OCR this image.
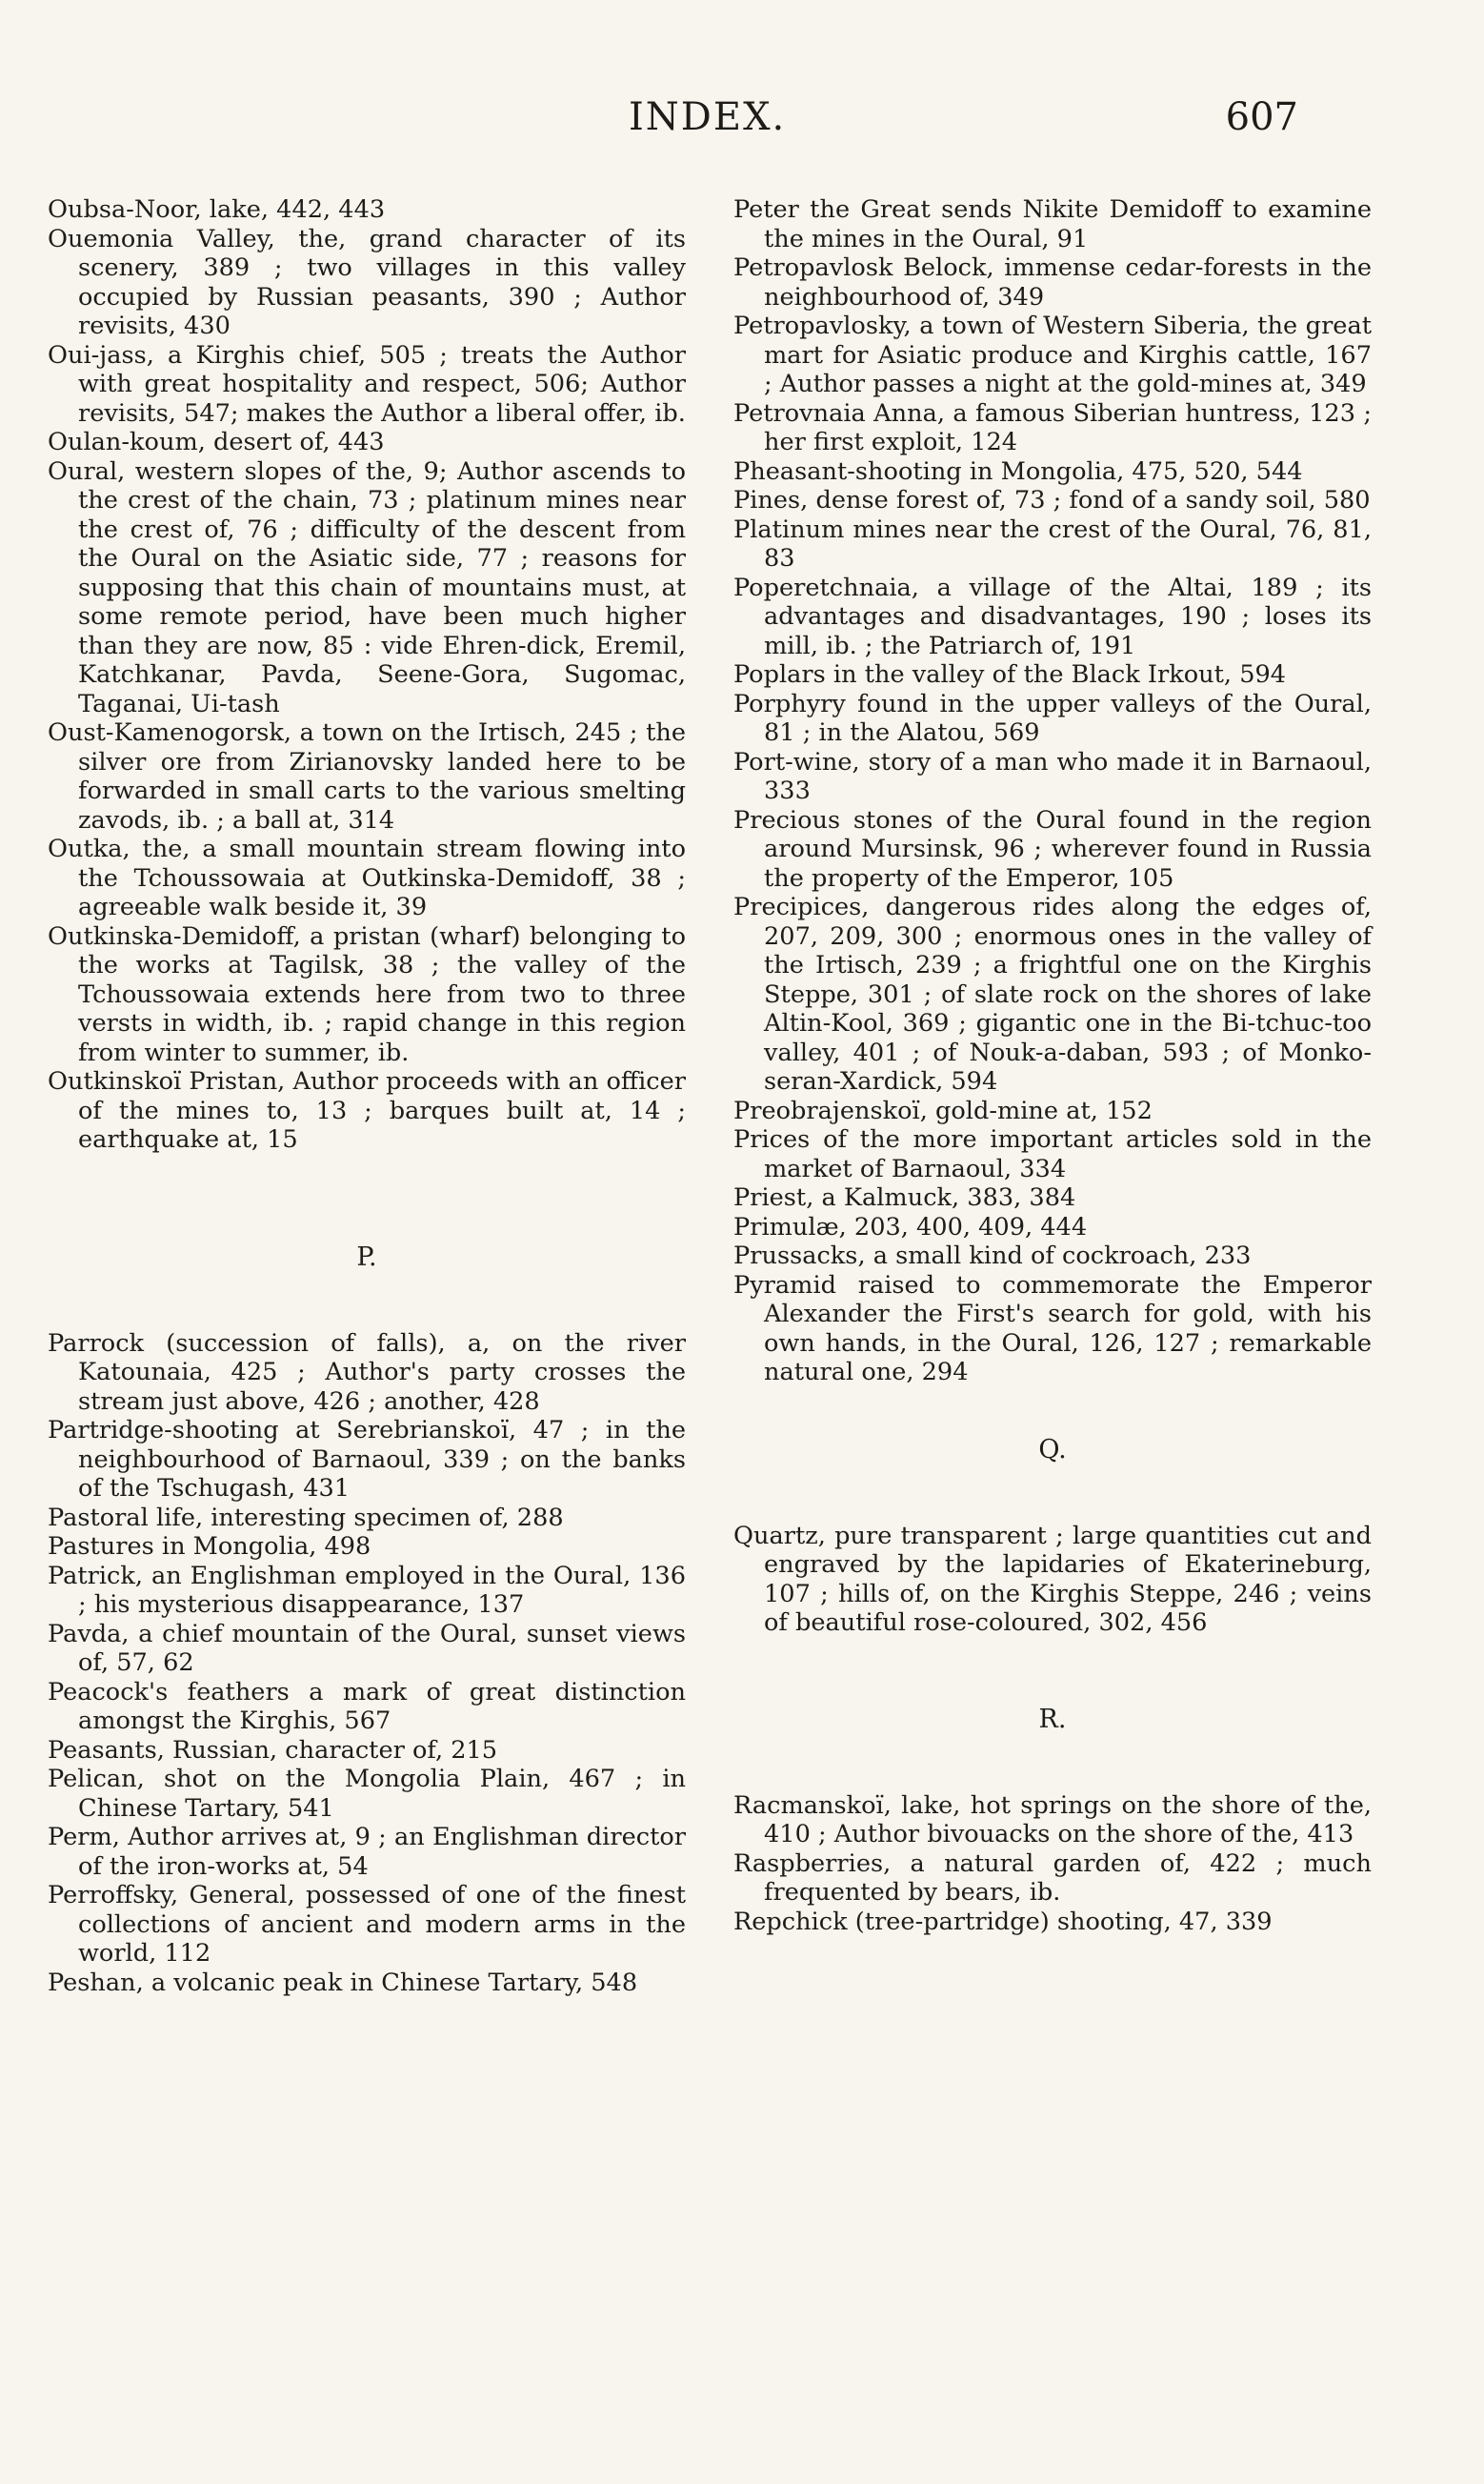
INDEX.	607

Oubsa-Noor, lake, 442, 443

Ouemonia Valley, the, grand character of its scenery, 389 ; two villages in this valley occupied by Russian peasants, 390 ; Author revisits, 430

Oui-jass, a Kirghis chief, 505 ; treats the Author with great hospitality and respect, 506; Author revisits, 547; makes the Author a liberal offer, ib.

Oulan-koum, desert of, 443

Oural, western slopes of the, 9; Author ascends to the crest of the chain, 73 ; platinum mines near the crest of, 76 ; difficulty of the descent from the Oural on the Asiatic side, 77 ; reasons for supposing that this chain of mountains must, at some remote period, have been much higher than they are now, 85 : vide Ehren-dick, Eremil, Katchkanar, Pavda, Seene-Gora, Sugomac, Taganai, Ui-tash

Oust-Kamenogorsk, a town on the Irtisch, 245 ; the silver ore from Zirianovsky landed here to be forwarded in small carts to the various smelting zavods, ib. ; a ball at, 314

Outka, the, a small mountain stream flowing into the Tchoussowaia at Outkinska-Demidoff, 38 ; agreeable walk beside it, 39

Outkinska-Demidoff, a pristan (wharf) belonging to the works at Tagilsk, 38 ; the valley of the Tchoussowaia extends here from two to three versts in width, ib. ; rapid change in this region from winter to summer, ib.

Outkinskoï Pristan, Author proceeds with an officer of the mines to, 13 ; barques built at, 14 ; earthquake at, 15

P.

Parrock (succession of falls), a, on the river Katounaia, 425 ; Author's party crosses the stream just above, 426 ; another, 428

Partridge-shooting at Serebrianskoï, 47 ; in the neighbourhood of Barnaoul, 339 ; on the banks of the Tschugash, 431

Pastoral life, interesting specimen of, 288

Pastures in Mongolia, 498

Patrick, an Englishman employed in the Oural, 136 ; his mysterious disappearance, 137

Pavda, a chief mountain of the Oural, sunset views of, 57, 62

Peacock's feathers a mark of great distinction amongst the Kirghis, 567

Peasants, Russian, character of, 215

Pelican, shot on the Mongolia Plain, 467 ; in Chinese Tartary, 541

Perm, Author arrives at, 9 ; an Englishman director of the iron-works at, 54

Perroffsky, General, possessed of one of the finest collections of ancient and modern arms in the world, 112

Peshan, a volcanic peak in Chinese Tartary, 548

Peter the Great sends Nikite Demidoff to examine the mines in the Oural, 91

Petropavlosk Belock, immense cedar-forests in the neighbourhood of, 349

Petropavlosky, a town of Western Siberia, the great mart for Asiatic produce and Kirghis cattle, 167 ; Author passes a night at the gold-mines at, 349

Petrovnaia Anna, a famous Siberian huntress, 123 ; her first exploit, 124

Pheasant-shooting in Mongolia, 475, 520, 544

Pines, dense forest of, 73 ; fond of a sandy soil, 580

Platinum mines near the crest of the Oural, 76, 81, 83

Poperetchnaia, a village of the Altai, 189 ; its advantages and disadvantages, 190 ; loses its mill, ib. ; the Patriarch of, 191

Poplars in the valley of the Black Irkout, 594

Porphyry found in the upper valleys of the Oural, 81 ; in the Alatou, 569

Port-wine, story of a man who made it in Barnaoul, 333

Precious stones of the Oural found in the region around Mursinsk, 96 ; wherever found in Russia the property of the Emperor, 105

Precipices, dangerous rides along the edges of, 207, 209, 300 ; enormous ones in the valley of the Irtisch, 239 ; a frightful one on the Kirghis Steppe, 301 ; of slate rock on the shores of lake Altin-Kool, 369 ; gigantic one in the Bi-tchuc-too valley, 401 ; of Nouk-a-daban, 593 ; of Monko-seran-Xardick, 594

Preobrajenskoï, gold-mine at, 152

Prices of the more important articles sold in the market of Barnaoul, 334

Priest, a Kalmuck, 383, 384

Primulæ, 203, 400, 409, 444

Prussacks, a small kind of cockroach, 233

Pyramid raised to commemorate the Emperor Alexander the First's search for gold, with his own hands, in the Oural, 126, 127 ; remarkable natural one, 294

Q.

Quartz, pure transparent ; large quantities cut and engraved by the lapidaries of Ekaterineburg, 107 ; hills of, on the Kirghis Steppe, 246 ; veins of beautiful rose-coloured, 302, 456

R.

Racmanskoï, lake, hot springs on the shore of the, 410 ; Author bivouacks on the shore of the, 413

Raspberries, a natural garden of, 422 ; much frequented by bears, ib.

Repchick (tree-partridge) shooting, 47, 339
